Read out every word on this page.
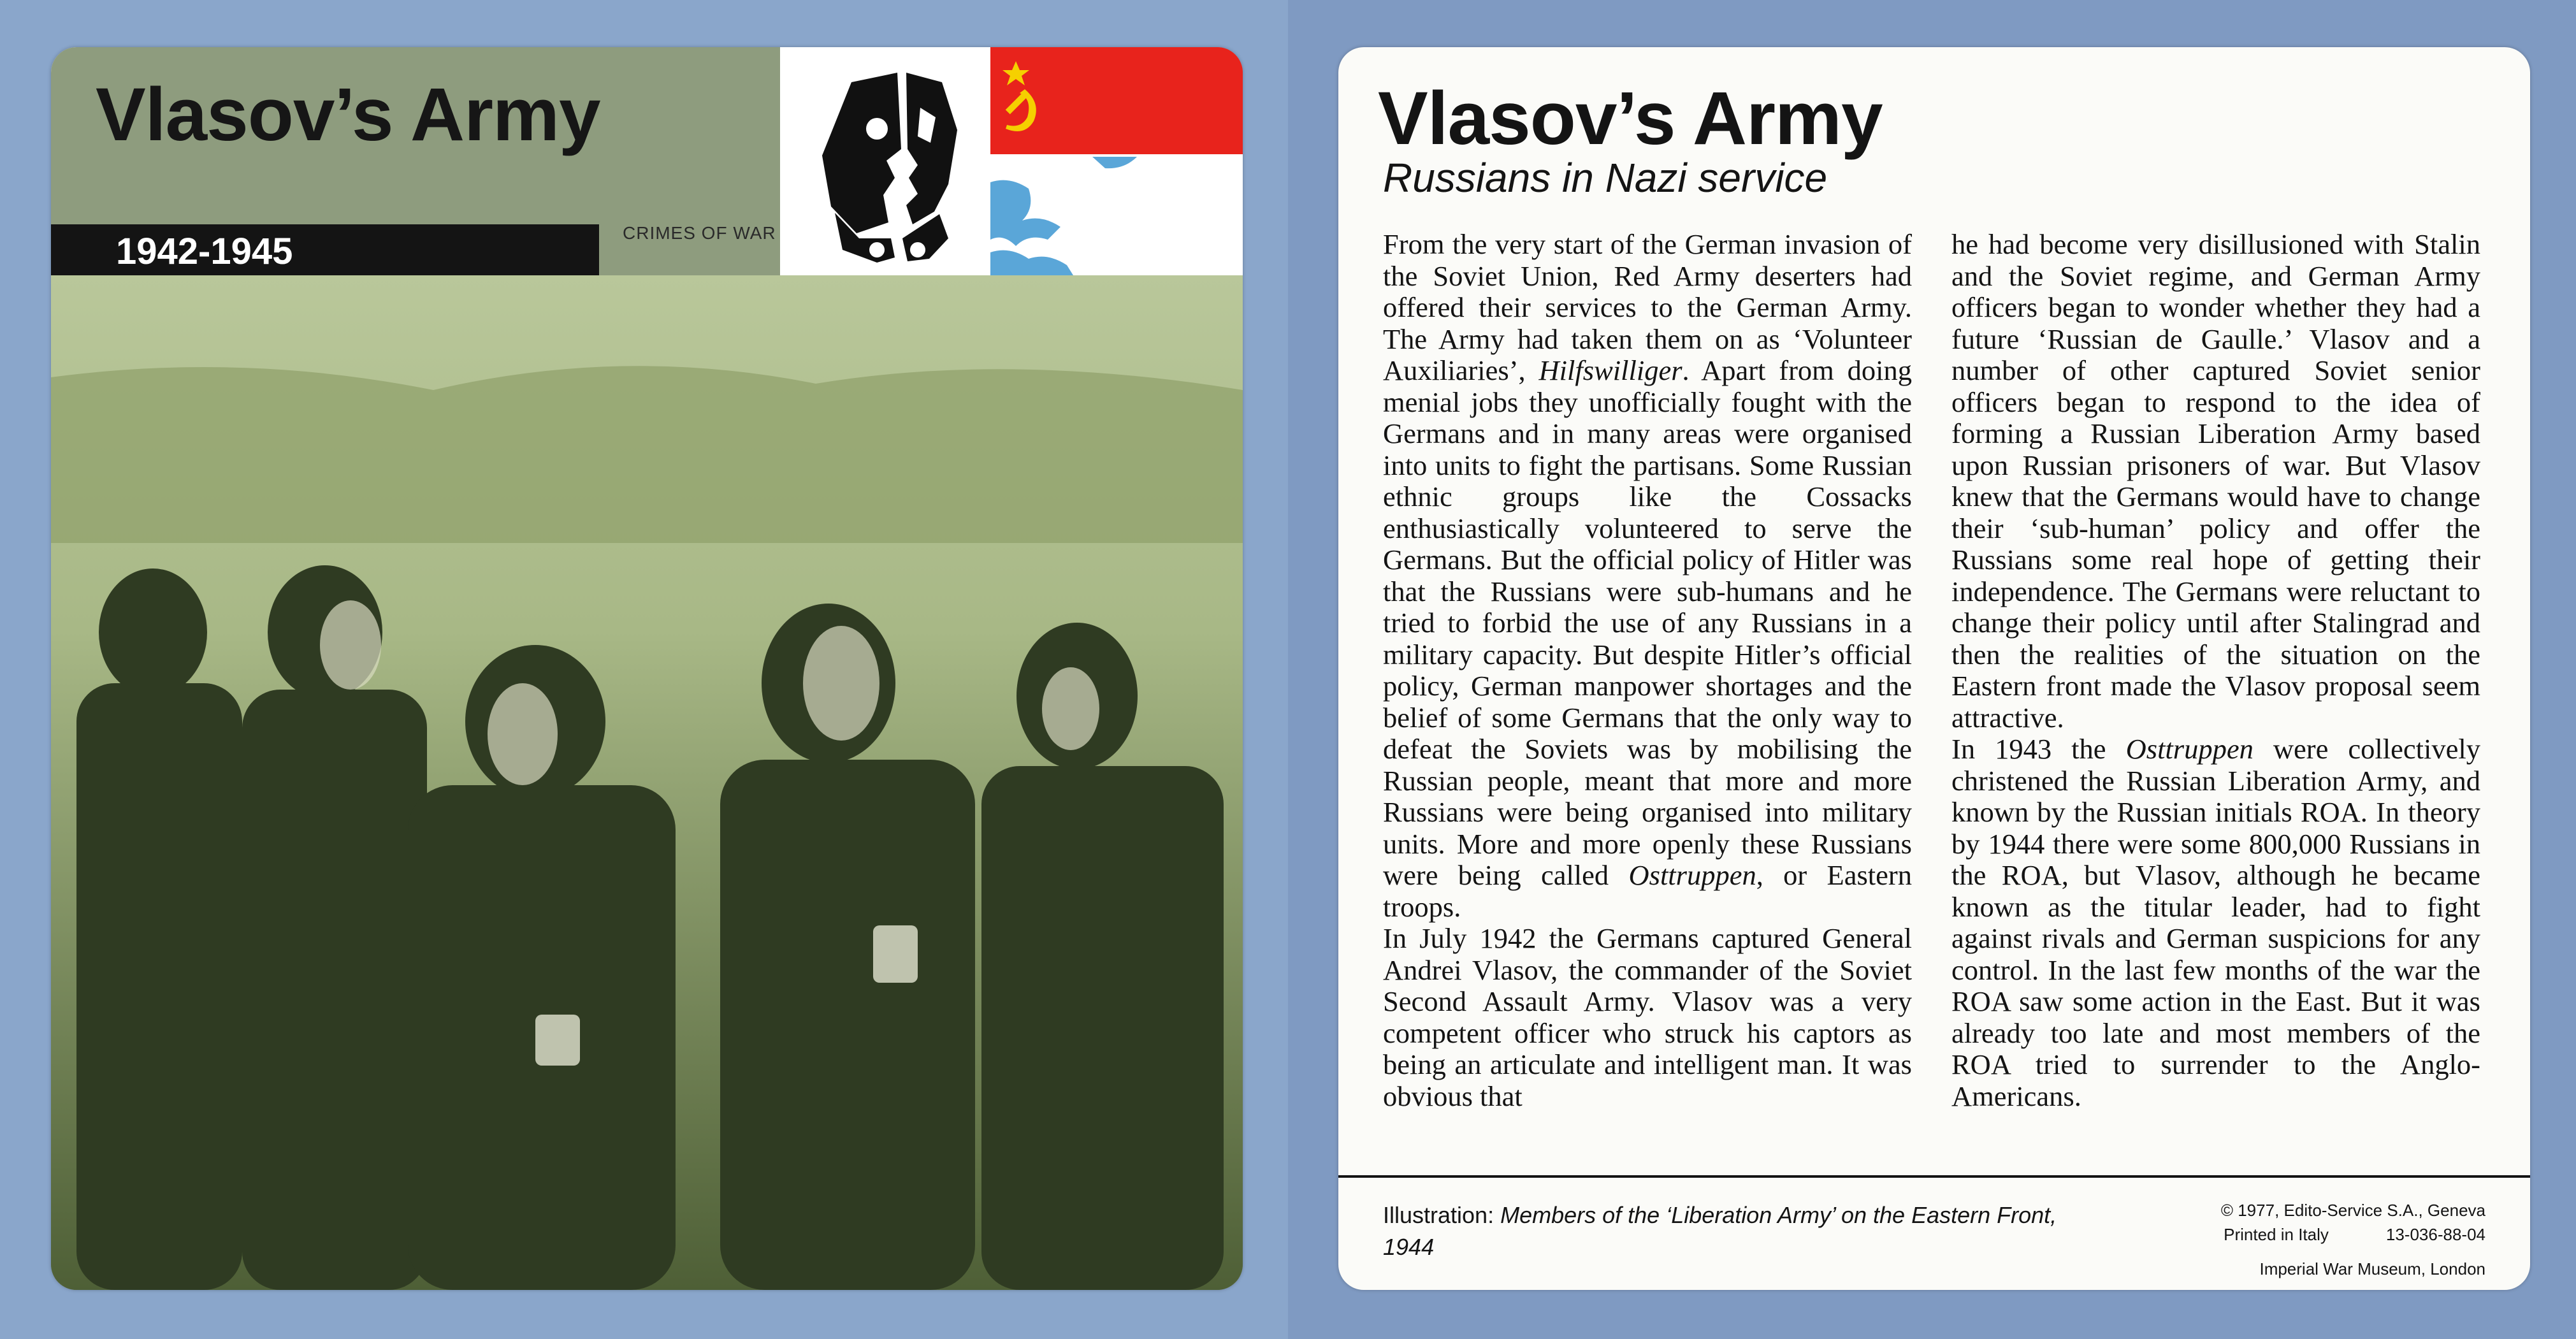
Vlasov’s Army
1942-1945	CRIMES OF WAR
Vlasov’s Army
Russians in Nazi service

From the very start of the German invasion of the Soviet Union, Red Army deserters had offered their services to the German Army. The Army had taken them on as ‘Volunteer Auxiliaries’, Hilfswilliger. Apart from doing menial jobs they unofficially fought with the Germans and in many areas were organised into units to fight the partisans. Some Russian ethnic groups like the Cossacks enthusiastically volunteered to serve the Germans. But the official policy of Hitler was that the Russians were sub-humans and he tried to forbid the use of any Russians in a military capacity. But despite Hitler’s official policy, German manpower shortages and the belief of some Germans that the only way to defeat the Soviets was by mobilising the Russian people, meant that more and more Russians were being organised into military units. More and more openly these Russians were being called Osttruppen, or Eastern troops.

In July 1942 the Germans captured General Andrei Vlasov, the commander of the Soviet Second Assault Army. Vlasov was a very competent officer who struck his captors as being an articulate and intelligent man. It was obvious that

he had become very disillusioned with Stalin and the Soviet regime, and German Army officers began to wonder whether they had a future ‘Russian de Gaulle.’ Vlasov and a number of other captured Soviet senior officers began to respond to the idea of forming a Russian Liberation Army based upon Russian prisoners of war. But Vlasov knew that the Germans would have to change their ‘sub-human’ policy and offer the Russians some real hope of getting their independence. The Germans were reluctant to change their policy until after Stalingrad and then the realities of the situation on the Eastern front made the Vlasov proposal seem attractive.

In 1943 the Osttruppen were collectively christened the Russian Liberation Army, and known by the Russian initials ROA. In theory by 1944 there were some 800,000 Russians in the ROA, but Vlasov, although he became known as the titular leader, had to fight against rivals and German suspicions for any control. In the last few months of the war the ROA saw some action in the East. But it was already too late and most members of the ROA tried to surrender to the Anglo-Americans.

Illustration: Members of the ‘Liberation Army’ on the Eastern Front, 1944
© 1977, Edito-Service S.A., Geneva
Printed in Italy	13-036-88-04
Imperial War Museum, London
